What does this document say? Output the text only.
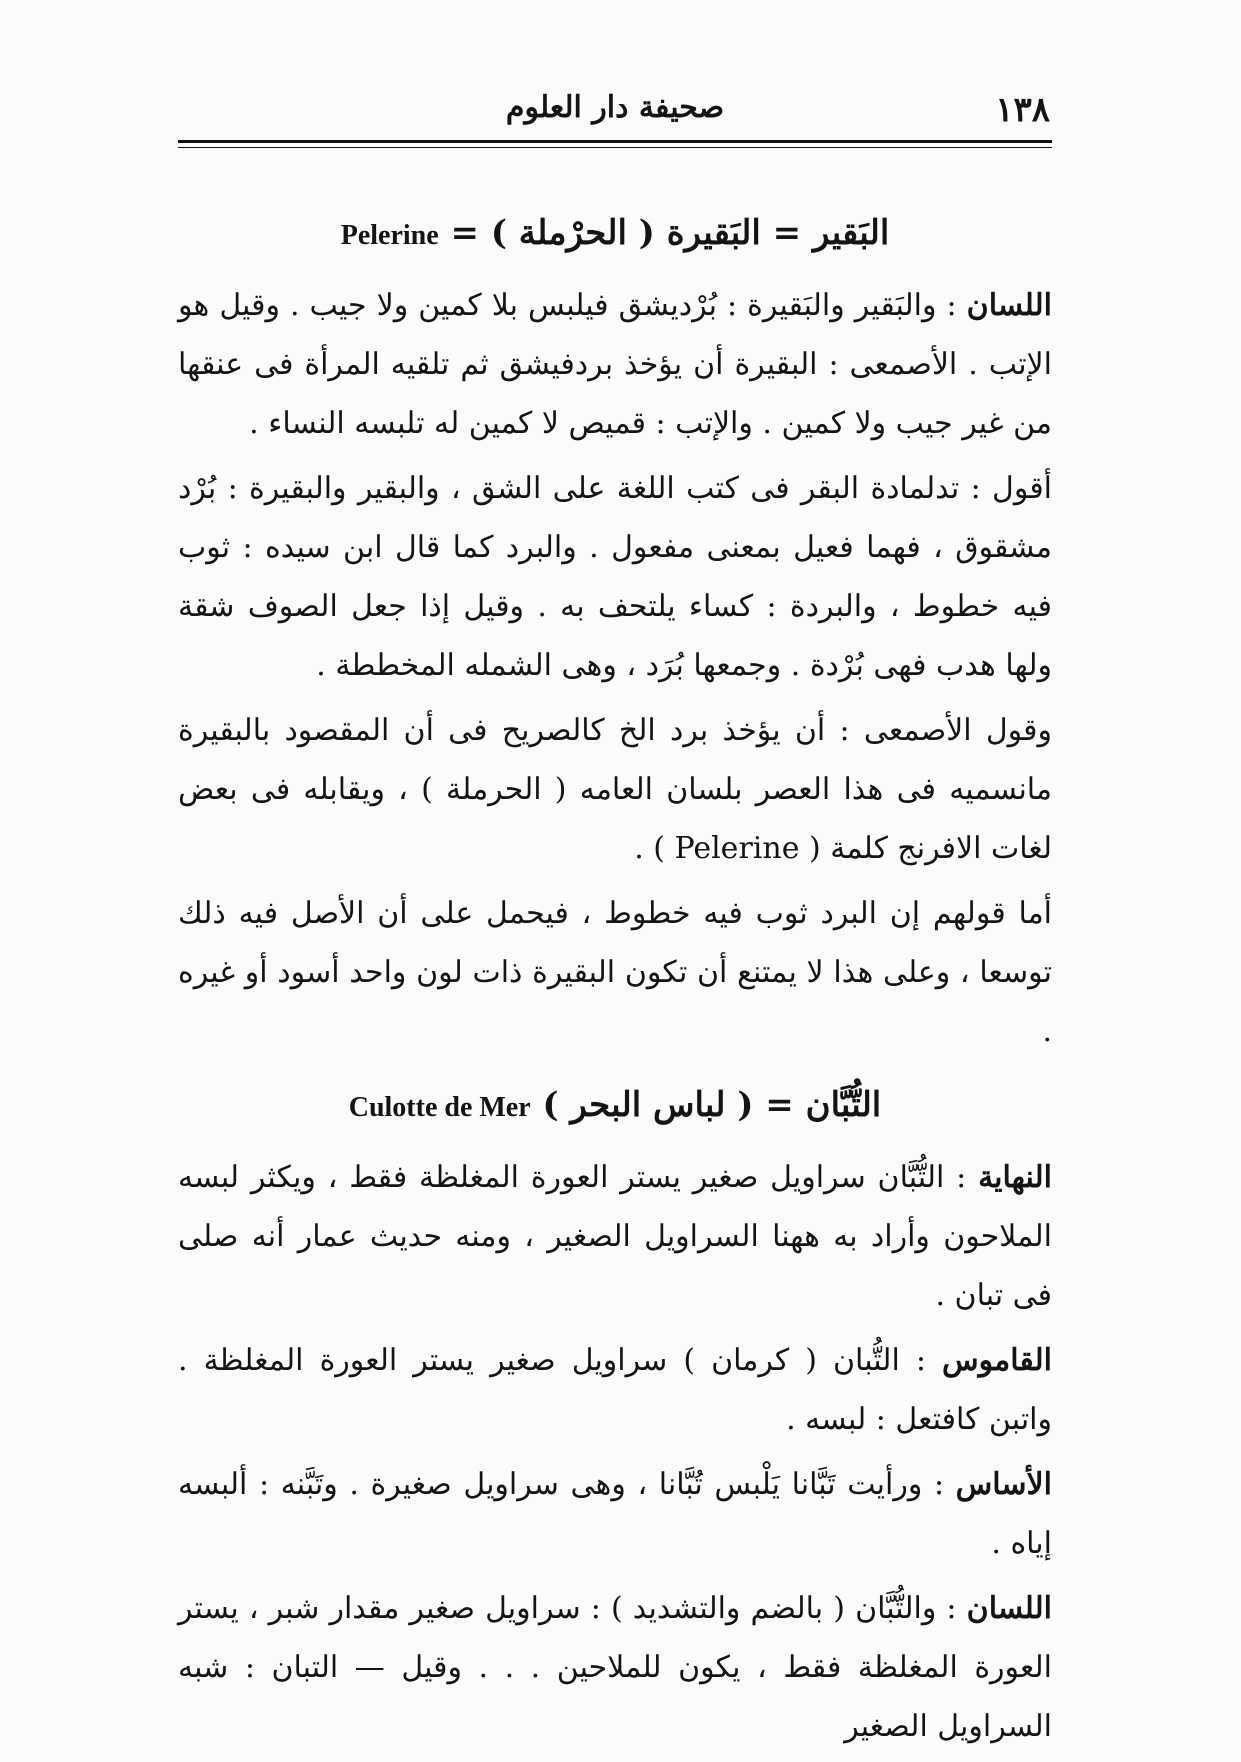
١٣٨
صحيفة دار العلوم
البَقير = البَقيرة ( الحرْملة ) = Pelerine

اللسان : والبَقير والبَقيرة : بُرْديشق فيلبس بلا كمين ولا جيب . وقيل هو الإتب . الأصمعى : البقيرة أن يؤخذ بردفيشق ثم تلقيه المرأة فى عنقها من غير جيب ولا كمين . والإتب : قميص لا كمين له تلبسه النساء .

أقول : تدلمادة البقر فى كتب اللغة على الشق ، والبقير والبقيرة : بُرْد مشقوق ، فهما فعيل بمعنى مفعول . والبرد كما قال ابن سيده : ثوب فيه خطوط ، والبردة : كساء يلتحف به . وقيل إذا جعل الصوف شقة ولها هدب فهى بُرْدة . وجمعها بُرَد ، وهى الشمله المخططة .

وقول الأصمعى : أن يؤخذ برد الخ كالصريح فى أن المقصود بالبقيرة مانسميه فى هذا العصر بلسان العامه ( الحرملة ) ، ويقابله فى بعض لغات الافرنج كلمة ( Pelerine ) .

أما قولهم إن البرد ثوب فيه خطوط ، فيحمل على أن الأصل فيه ذلك توسعا ، وعلى هذا لا يمتنع أن تكون البقيرة ذات لون واحد أسود أو غيره .

التُّبَّان = ( لباس البحر ) Culotte de Mer

النهاية : التُّبَّان سراويل صغير يستر العورة المغلظة فقط ، ويكثر لبسه الملاحون وأراد به ههنا السراويل الصغير ، ومنه حديث عمار أنه صلى فى تبان .

القاموس : التُّبان ( كرمان ) سراويل صغير يستر العورة المغلظة . واتبن كافتعل : لبسه .

الأساس : ورأيت تَبَّانا يَلْبس تُبَّانا ، وهى سراويل صغيرة . وتَبَّنه : ألبسه إياه .

اللسان : والتُّبَّان ( بالضم والتشديد ) : سراويل صغير مقدار شبر ، يستر العورة المغلظة فقط ، يكون للملاحين . . . وقيل — التبان : شبه السراويل الصغير
